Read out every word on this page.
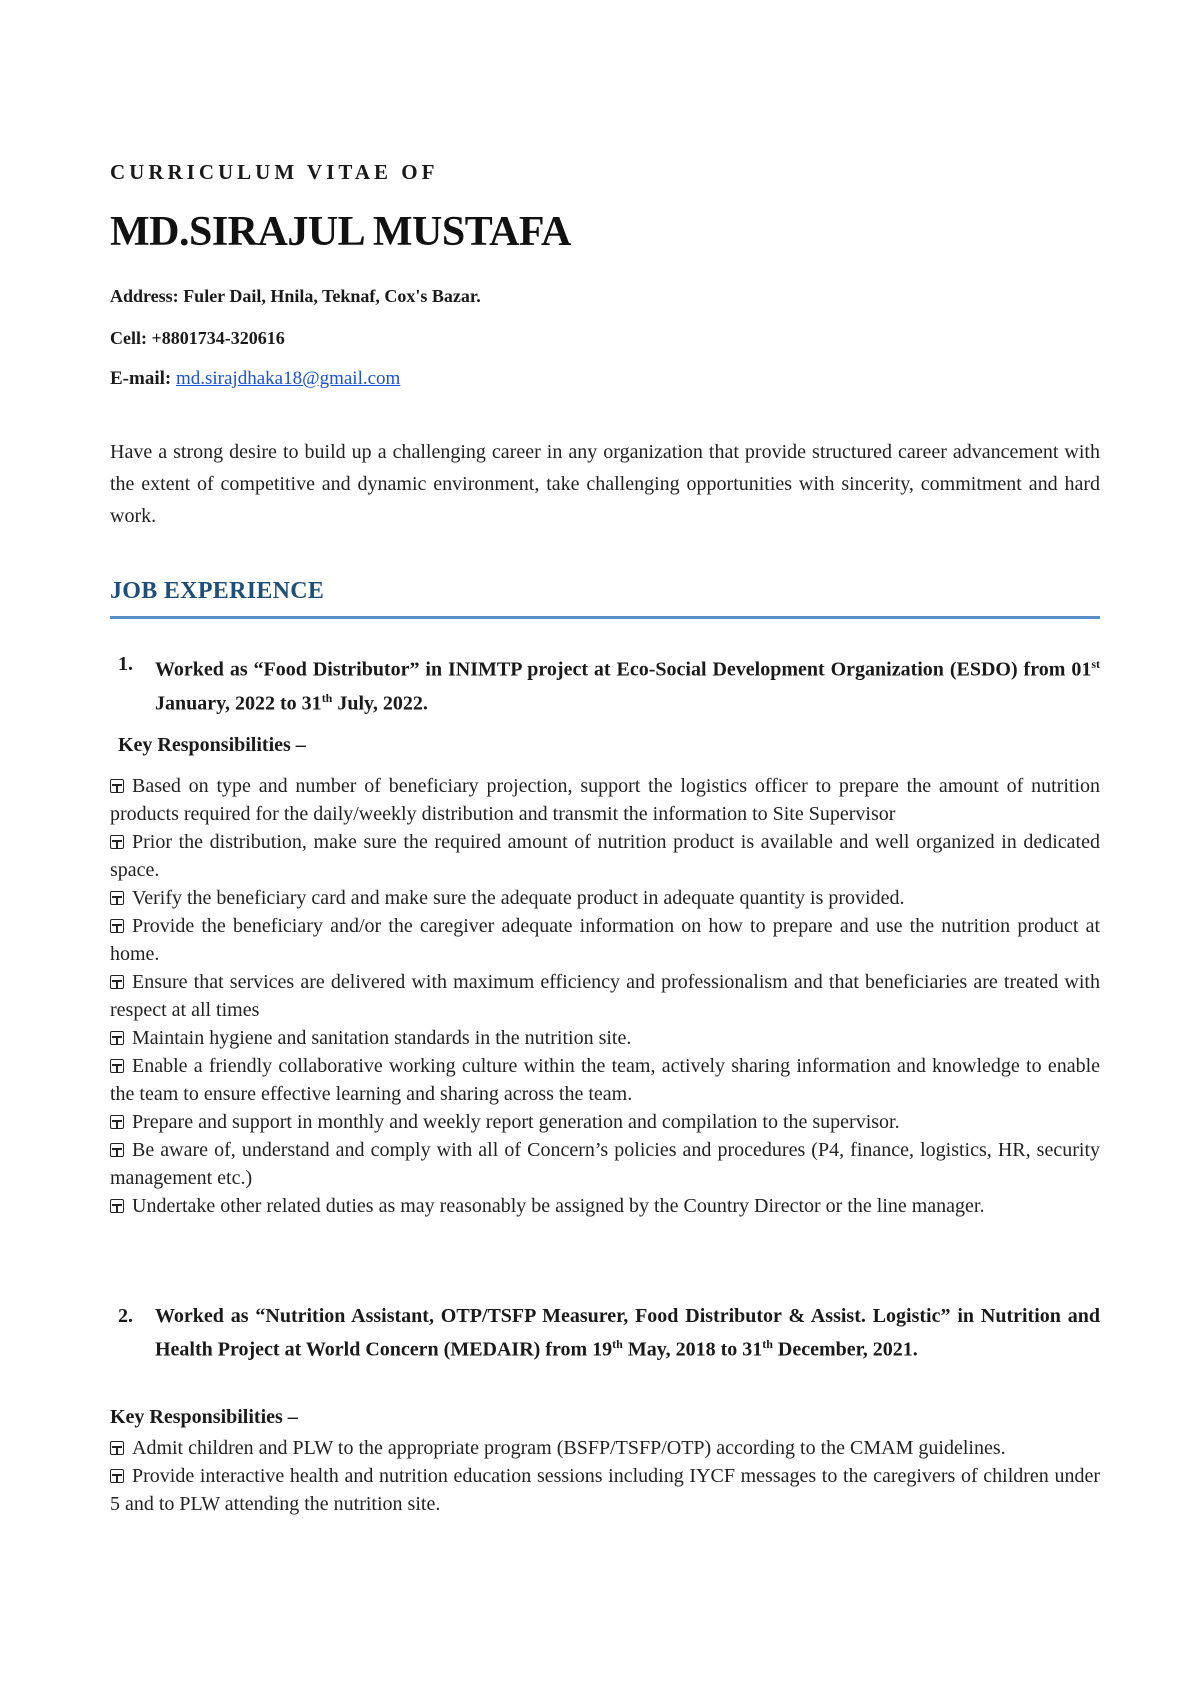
CURRICULUM VITAE OF
MD.SIRAJUL MUSTAFA
Address: Fuler Dail, Hnila, Teknaf, Cox's Bazar.
Cell: +8801734-320616
E-mail: md.sirajdhaka18@gmail.com
Have a strong desire to build up a challenging career in any organization that provide structured career advancement with the extent of competitive and dynamic environment, take challenging opportunities with sincerity, commitment and hard work.
JOB EXPERIENCE
1. Worked as “Food Distributor” in INIMTP project at Eco-Social Development Organization (ESDO) from 01st January, 2022 to 31th July, 2022.
Key Responsibilities –
Based on type and number of beneficiary projection, support the logistics officer to prepare the amount of nutrition products required for the daily/weekly distribution and transmit the information to Site Supervisor
Prior the distribution, make sure the required amount of nutrition product is available and well organized in dedicated space.
Verify the beneficiary card and make sure the adequate product in adequate quantity is provided.
Provide the beneficiary and/or the caregiver adequate information on how to prepare and use the nutrition product at home.
Ensure that services are delivered with maximum efficiency and professionalism and that beneficiaries are treated with respect at all times
Maintain hygiene and sanitation standards in the nutrition site.
Enable a friendly collaborative working culture within the team, actively sharing information and knowledge to enable the team to ensure effective learning and sharing across the team.
Prepare and support in monthly and weekly report generation and compilation to the supervisor.
Be aware of, understand and comply with all of Concern’s policies and procedures (P4, finance, logistics, HR, security management etc.)
Undertake other related duties as may reasonably be assigned by the Country Director or the line manager.
2. Worked as “Nutrition Assistant, OTP/TSFP Measurer, Food Distributor & Assist. Logistic” in Nutrition and Health Project at World Concern (MEDAIR) from 19th May, 2018 to 31th December, 2021.
Key Responsibilities –
Admit children and PLW to the appropriate program (BSFP/TSFP/OTP) according to the CMAM guidelines.
Provide interactive health and nutrition education sessions including IYCF messages to the caregivers of children under 5 and to PLW attending the nutrition site.
